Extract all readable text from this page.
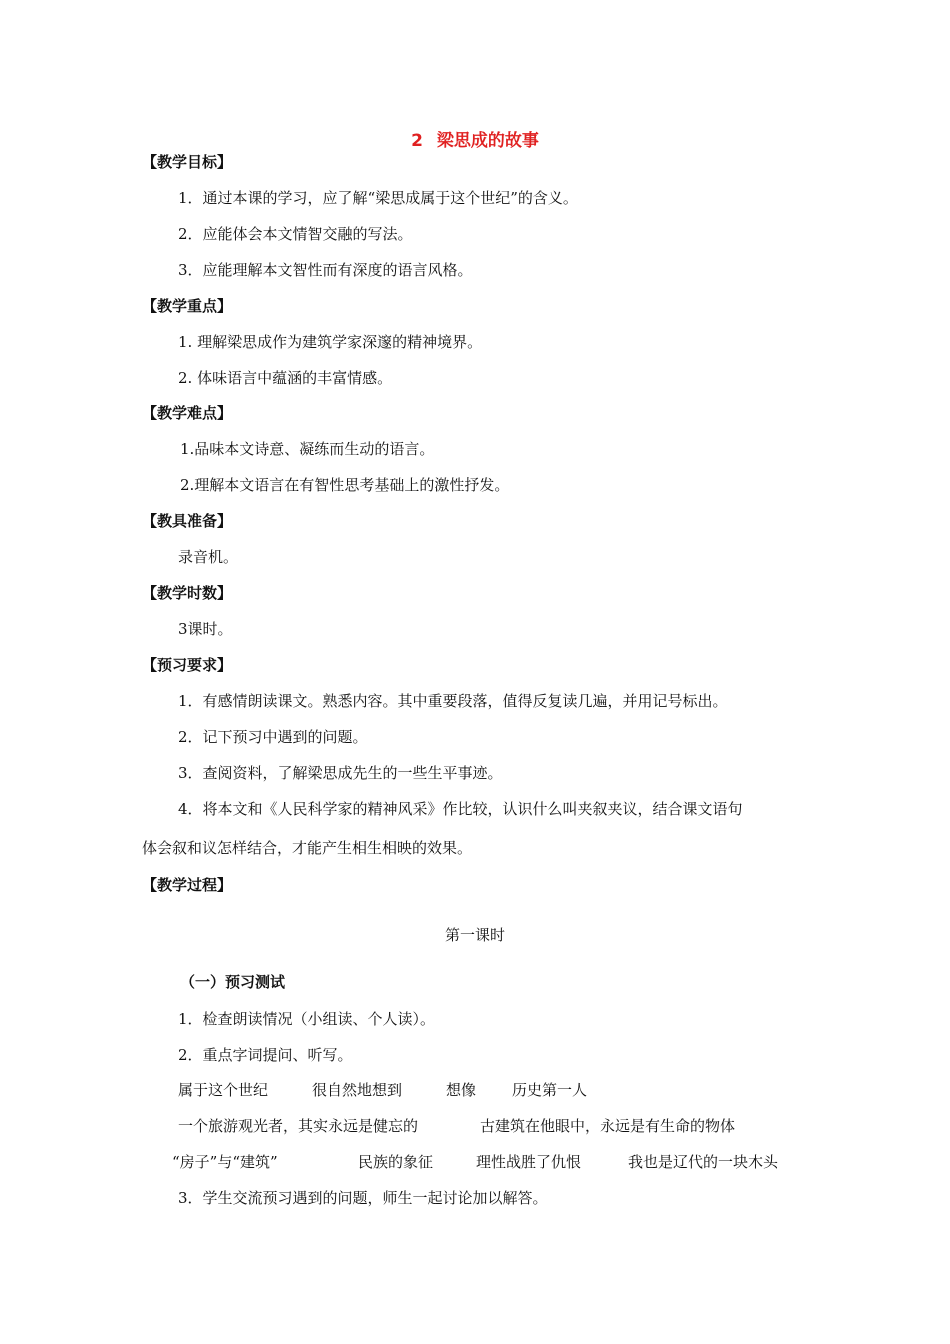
2 梁思成的故事
【教学目标】
1．通过本课的学习，应了解“梁思成属于这个世纪”的含义。
2．应能体会本文情智交融的写法。
3．应能理解本文智性而有深度的语言风格。
【教学重点】
1. 理解梁思成作为建筑学家深邃的精神境界。
2. 体味语言中蕴涵的丰富情感。
【教学难点】
1.品味本文诗意、凝练而生动的语言。
2.理解本文语言在有智性思考基础上的激性抒发。
【教具准备】
录音机。
【教学时数】
3课时。
【预习要求】
1．有感情朗读课文。熟悉内容。其中重要段落，值得反复读几遍，并用记号标出。
2．记下预习中遇到的问题。
3．查阅资料，了解梁思成先生的一些生平事迹。
4．将本文和《人民科学家的精神风采》作比较，认识什么叫夹叙夹议，结合课文语句
体会叙和议怎样结合，才能产生相生相映的效果。
【教学过程】
第一课时
（一）预习测试
1．检查朗读情况（小组读、个人读）。
2．重点字词提问、听写。
属于这个世纪	很自然地想到	想像 历史第一人
一个旅游观光者，其实永远是健忘的	古建筑在他眼中，永远是有生命的物体
“房子”与“建筑”	民族的象征	理性战胜了仇恨	我也是辽代的一块木头
3．学生交流预习遇到的问题，师生一起讨论加以解答。
